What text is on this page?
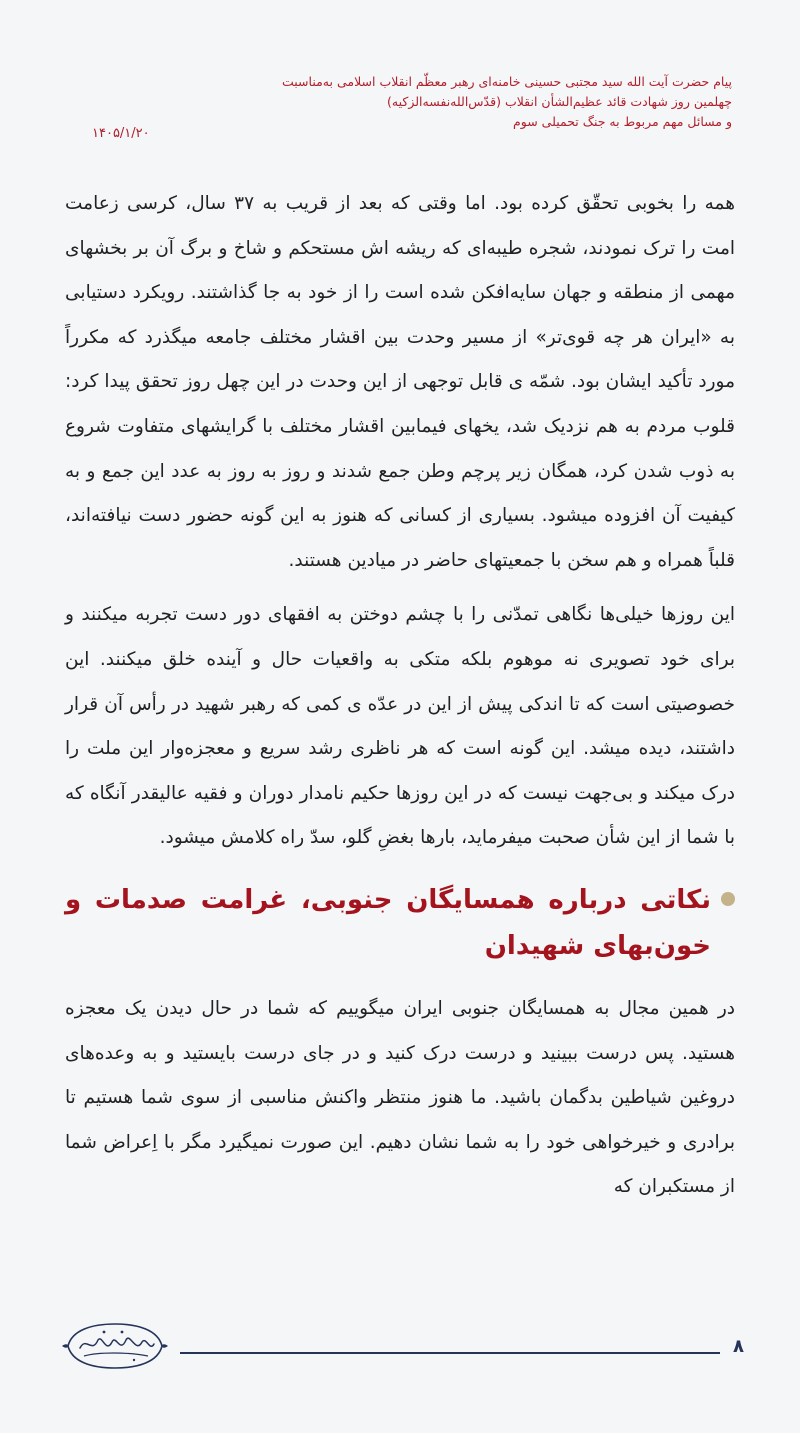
پیام حضرت آیت الله سید مجتبی حسینی خامنه‌ای رهبر معظّم انقلاب اسلامی به‌مناسبت
چهلمین روز شهادت قائد عظیم‌الشأن انقلاب (قدّس‌الله‌نفسه‌الزکیه)
و مسائل مهم مربوط به جنگ تحمیلی سوم
۱۴۰۵/۱/۲۰

همه را بخوبی تحقّق کرده بود. اما وقتی که بعد از قریب به ۳۷ سال، کرسی زعامت امت را ترک نمودند، شجره طیبه‌ای که ریشه اش مستحکم و شاخ و برگ آن بر بخشهای مهمی از منطقه و جهان سایه‌افکن شده است را از خود به جا گذاشتند. رویکرد دستیابی به «ایران هر چه قوی‌تر» از مسیر وحدت بین اقشار مختلف جامعه میگذرد که مکرراً مورد تأکید ایشان بود. شمّه ی قابل توجهی از این وحدت در این چهل روز تحقق پیدا کرد: قلوب مردم به هم نزدیک شد، یخهای فیمابین اقشار مختلف با گرایشهای متفاوت شروع به ذوب شدن کرد، همگان زیر پرچم وطن جمع شدند و روز به روز به عدد این جمع و به کیفیت آن افزوده میشود. بسیاری از کسانی که هنوز به این گونه حضور دست نیافته‌اند، قلباً همراه و هم سخن با جمعیتهای حاضر در میادین هستند.

این روزها خیلی‌ها نگاهی تمدّنی را با چشم دوختن به افقهای دور دست تجربه میکنند و برای خود تصویری نه موهوم بلکه متکی به واقعیات حال و آینده خلق میکنند. این خصوصیتی است که تا اندکی پیش از این در عدّه ی کمی که رهبر شهید در رأس آن قرار داشتند، دیده میشد. این گونه است که هر ناظری رشد سریع و معجزه‌وار این ملت را درک میکند و بی‌جهت نیست که در این روزها حکیم نامدار دوران و فقیه عالیقدر آنگاه که با شما از این شأن صحبت میفرماید، بارها بغضِ گلو، سدّ راه کلامش میشود.

نکاتی درباره همسایگان جنوبی، غرامت صدمات و خون‌بهای شهیدان

در همین مجال به همسایگان جنوبی ایران میگوییم که شما در حال دیدن یک معجزه هستید. پس درست ببینید و درست درک کنید و در جای درست بایستید و به وعده‌های دروغین شیاطین بدگمان باشید. ما هنوز منتظر واکنش مناسبی از سوی شما هستیم تا برادری و خیرخواهی خود را به شما نشان دهیم. این صورت نمیگیرد مگر با اِعراض شما از مستکبران که

۸
